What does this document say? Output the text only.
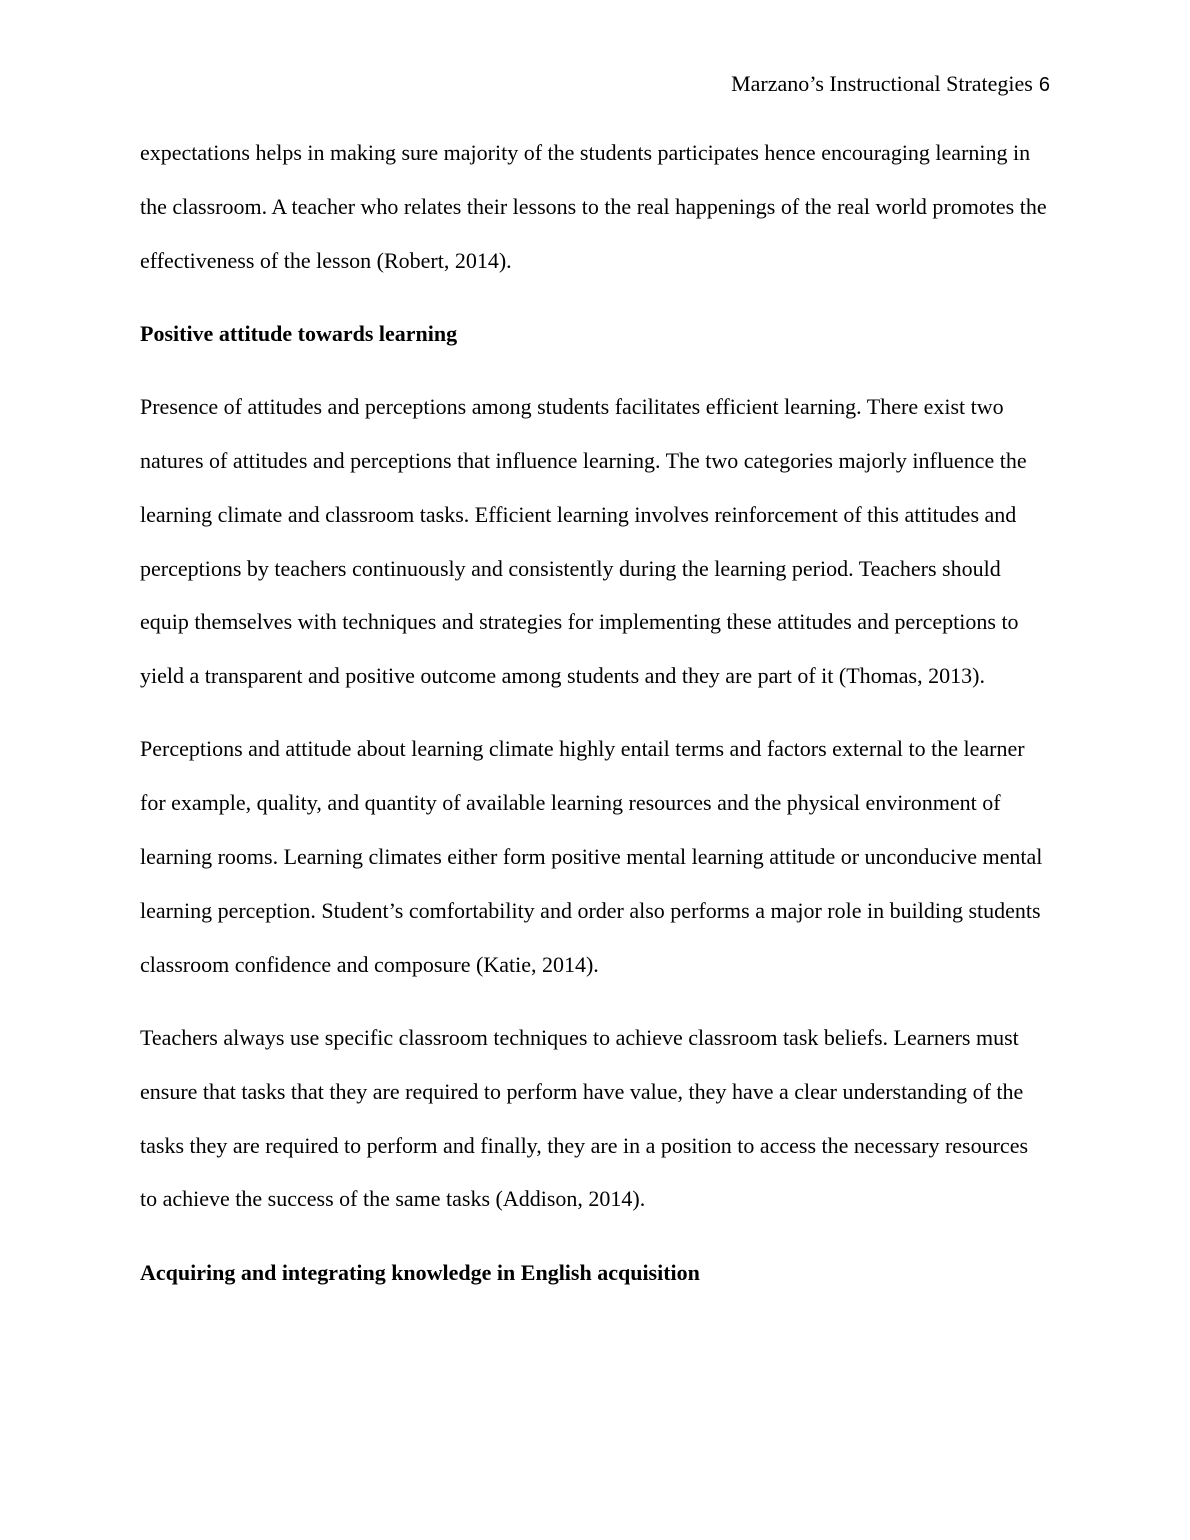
Marzano’s Instructional Strategies 6

expectations helps in making sure majority of the students participates hence encouraging learning in the classroom. A teacher who relates their lessons to the real happenings of the real world promotes the effectiveness of the lesson (Robert, 2014).

Positive attitude towards learning

Presence of attitudes and perceptions among students facilitates efficient learning. There exist two natures of attitudes and perceptions that influence learning. The two categories majorly influence the learning climate and classroom tasks. Efficient learning involves reinforcement of this attitudes and perceptions by teachers continuously and consistently during the learning period. Teachers should equip themselves with techniques and strategies for implementing these attitudes and perceptions to yield a transparent and positive outcome among students and they are part of it (Thomas, 2013).

Perceptions and attitude about learning climate highly entail terms and factors external to the learner for example, quality, and quantity of available learning resources and the physical environment of learning rooms. Learning climates either form positive mental learning attitude or unconducive mental learning perception. Student’s comfortability and order also performs a major role in building students classroom confidence and composure (Katie, 2014).

Teachers always use specific classroom techniques to achieve classroom task beliefs. Learners must ensure that tasks that they are required to perform have value, they have a clear understanding of the tasks they are required to perform and finally, they are in a position to access the necessary resources to achieve the success of the same tasks (Addison, 2014).

Acquiring and integrating knowledge in English acquisition
